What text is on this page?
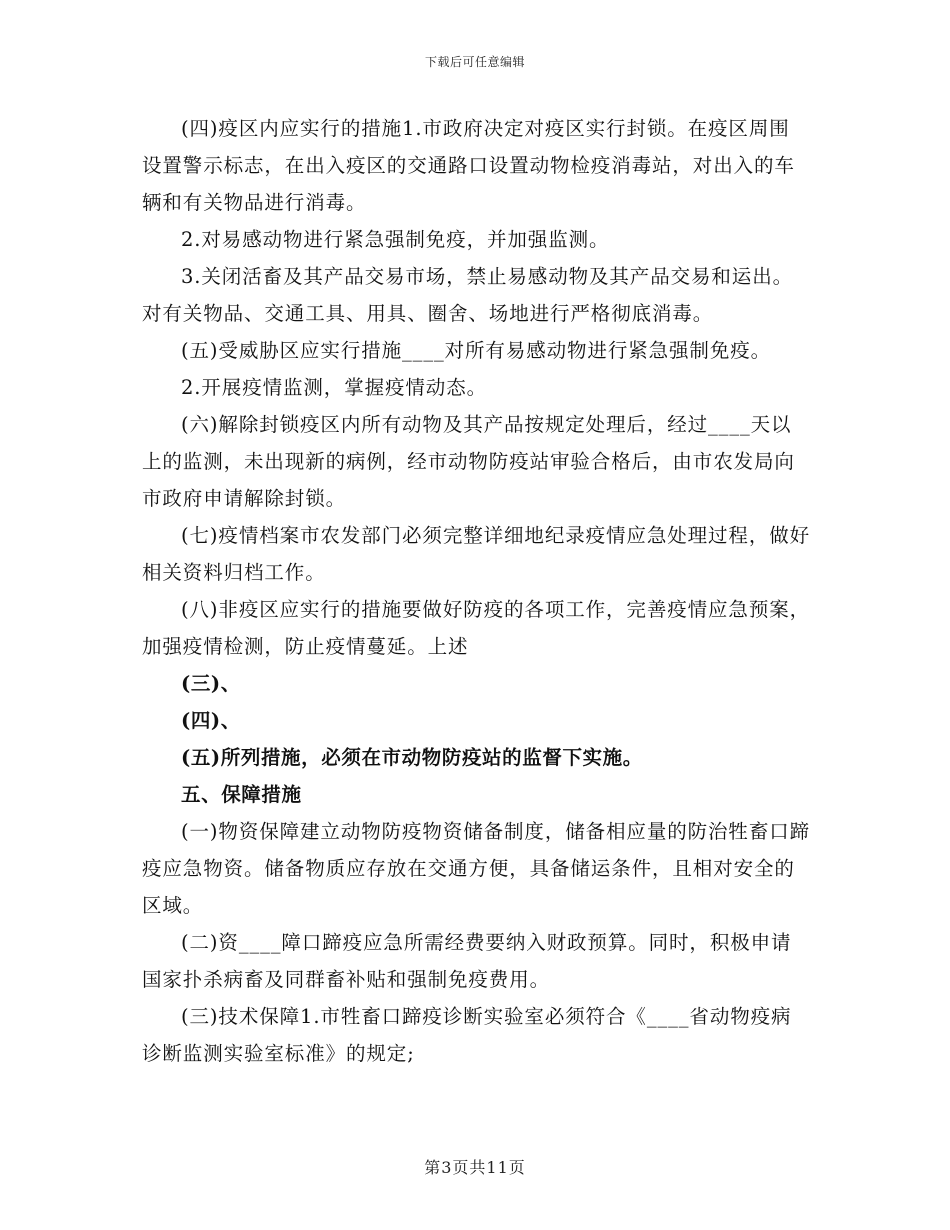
下载后可任意编辑

(四)疫区内应实行的措施1.市政府决定对疫区实行封锁。在疫区周围设置警示标志，在出入疫区的交通路口设置动物检疫消毒站，对出入的车辆和有关物品进行消毒。

2.对易感动物进行紧急强制免疫，并加强监测。

3.关闭活畜及其产品交易市场，禁止易感动物及其产品交易和运出。对有关物品、交通工具、用具、圈舍、场地进行严格彻底消毒。

(五)受威胁区应实行措施____对所有易感动物进行紧急强制免疫。

2.开展疫情监测，掌握疫情动态。

(六)解除封锁疫区内所有动物及其产品按规定处理后，经过____天以上的监测，未出现新的病例，经市动物防疫站审验合格后，由市农发局向市政府申请解除封锁。

(七)疫情档案市农发部门必须完整详细地纪录疫情应急处理过程，做好相关资料归档工作。

(八)非疫区应实行的措施要做好防疫的各项工作，完善疫情应急预案，加强疫情检测，防止疫情蔓延。上述

(三)、

(四)、

(五)所列措施，必须在市动物防疫站的监督下实施。

五、保障措施

(一)物资保障建立动物防疫物资储备制度，储备相应量的防治牲畜口蹄疫应急物资。储备物质应存放在交通方便，具备储运条件，且相对安全的区域。

(二)资____障口蹄疫应急所需经费要纳入财政预算。同时，积极申请国家扑杀病畜及同群畜补贴和强制免疫费用。

(三)技术保障1.市牲畜口蹄疫诊断实验室必须符合《____省动物疫病诊断监测实验室标准》的规定;

第3页共11页
